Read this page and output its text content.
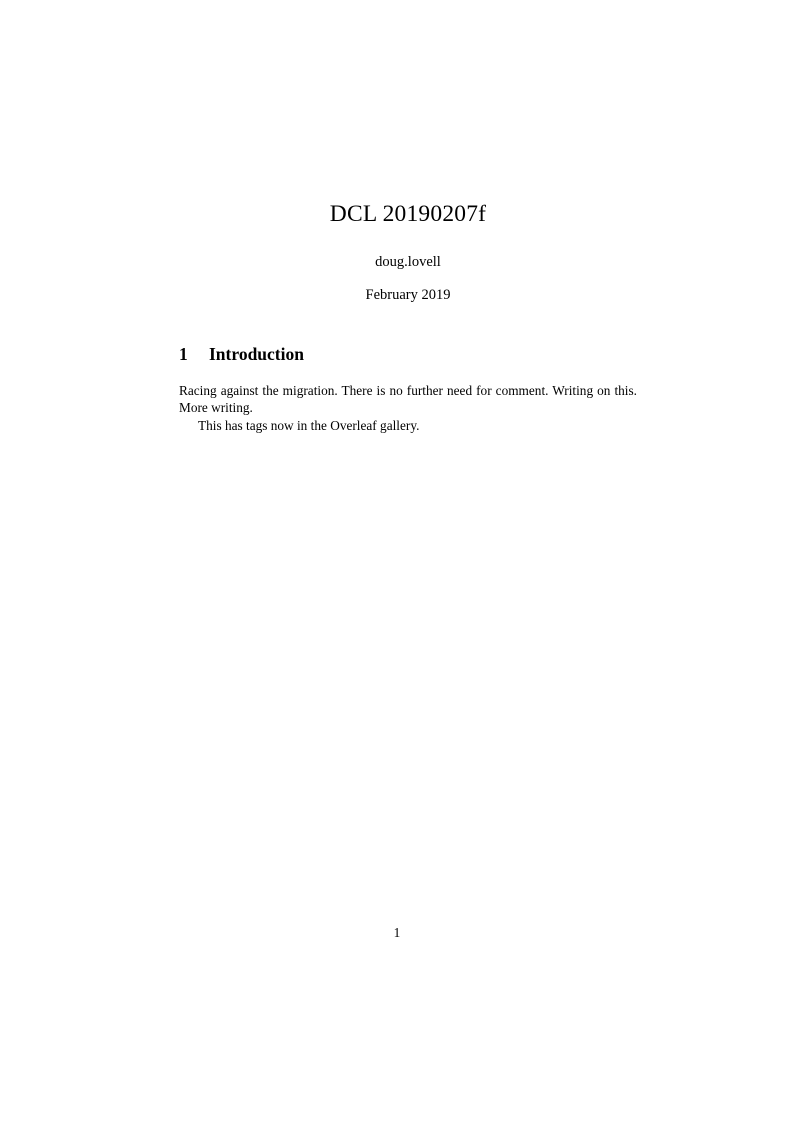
DCL 20190207f

doug.lovell

February 2019

1	Introduction

Racing against the migration. There is no further need for comment. Writing on this. More writing.

This has tags now in the Overleaf gallery.

1
